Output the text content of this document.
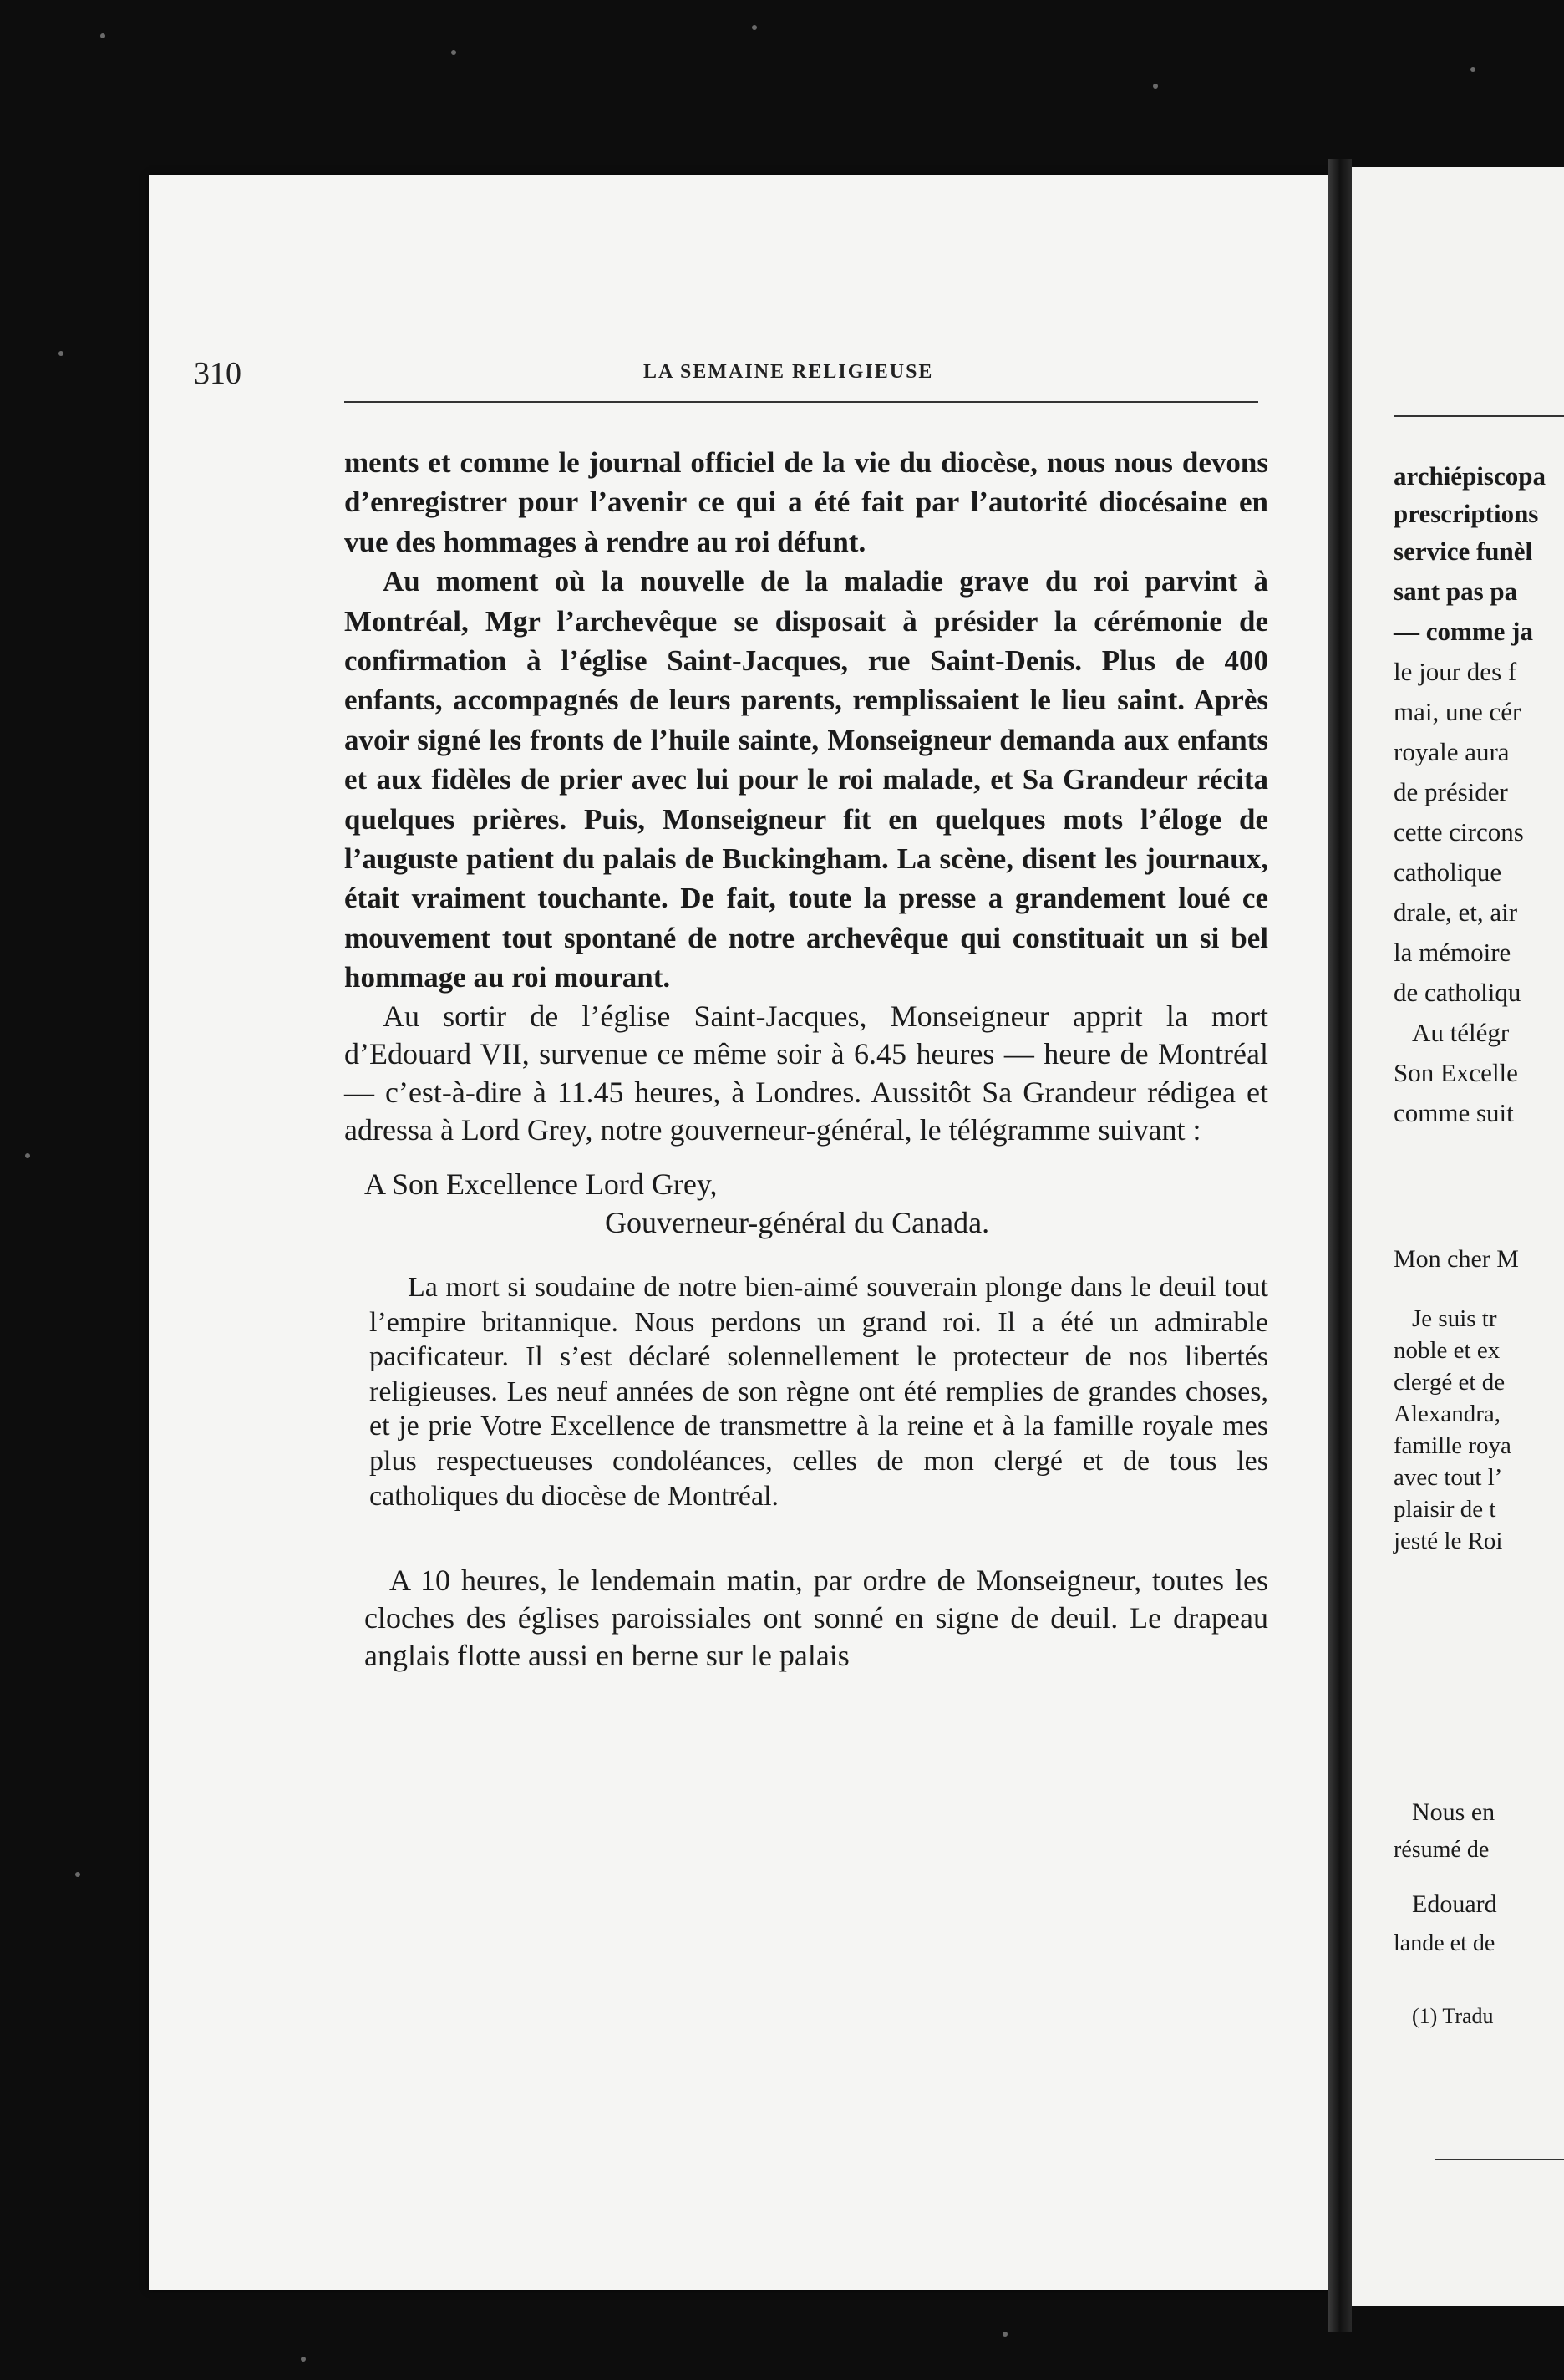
310	LA SEMAINE RELIGIEUSE

ments et comme le journal officiel de la vie du diocèse, nous nous devons d’enregistrer pour l’avenir ce qui a été fait par l’autorité diocésaine en vue des hommages à rendre au roi défunt.

Au moment où la nouvelle de la maladie grave du roi parvint à Montréal, Mgr l’archevêque se disposait à présider la cérémonie de confirmation à l’église Saint-Jacques, rue Saint-Denis. Plus de 400 enfants, accompagnés de leurs parents, remplissaient le lieu saint. Après avoir signé les fronts de l’huile sainte, Monseigneur demanda aux enfants et aux fidèles de prier avec lui pour le roi malade, et Sa Grandeur récita quelques prières. Puis, Monseigneur fit en quelques mots l’éloge de l’auguste patient du palais de Buckingham. La scène, disent les journaux, était vraiment touchante. De fait, toute la presse a grandement loué ce mouvement tout spontané de notre archevêque qui constituait un si bel hommage au roi mourant.

Au sortir de l’église Saint-Jacques, Monseigneur apprit la mort d’Edouard VII, survenue ce même soir à 6.45 heures — heure de Montréal — c’est-à-dire à 11.45 heures, à Londres. Aussitôt Sa Grandeur rédigea et adressa à Lord Grey, notre gouverneur-général, le télégramme suivant :

A Son Excellence Lord Grey,

Gouverneur-général du Canada.

La mort si soudaine de notre bien-aimé souverain plonge dans le deuil tout l’empire britannique. Nous perdons un grand roi. Il a été un admirable pacificateur. Il s’est déclaré solennellement le protecteur de nos libertés religieuses. Les neuf années de son règne ont été remplies de grandes choses, et je prie Votre Excellence de transmettre à la reine et à la famille royale mes plus respectueuses condoléances, celles de mon clergé et de tous les catholiques du diocèse de Montréal.

A 10 heures, le lendemain matin, par ordre de Monseigneur, toutes les cloches des églises paroissiales ont sonné en signe de deuil. Le drapeau anglais flotte aussi en berne sur le palais

archiépiscopa
prescriptions
service funèl
sant pas pa
— comme ja
le jour des f
mai, une cér
royale aura
de présider
cette circons
catholique
drale, et, air
la mémoire
de catholiqu
Au télégr
Son Excelle
comme suit
Mon cher M
Je suis tr
noble et ex
clergé et de
Alexandra,
famille roya
avec tout l’
plaisir de t
jesté le Roi
Nous en
résumé de
Edouard
lande et de
(1) Tradu
